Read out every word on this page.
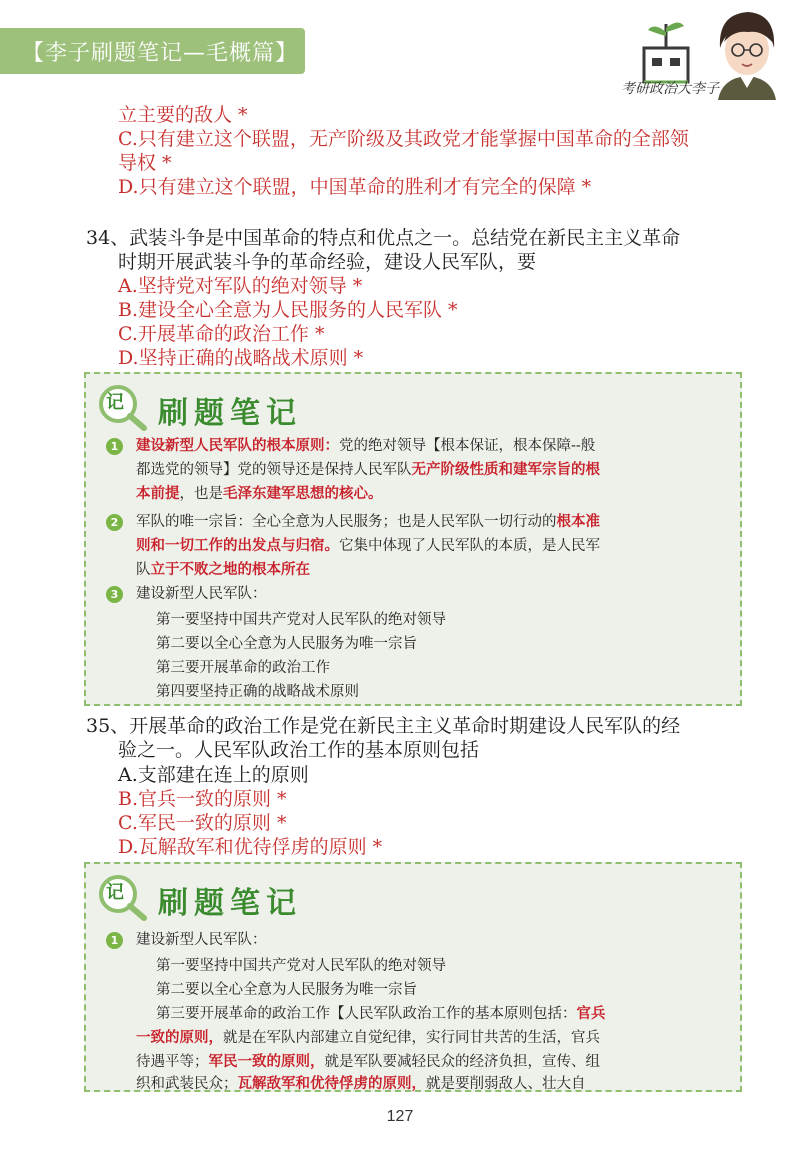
【李子刷题笔记—毛概篇】
考研政治大李子
立主要的敌人 *
C.只有建立这个联盟，无产阶级及其政党才能掌握中国革命的全部领
导权 *
D.只有建立这个联盟，中国革命的胜利才有完全的保障 *
34、武装斗争是中国革命的特点和优点之一。总结党在新民主主义革命
时期开展武装斗争的革命经验，建设人民军队，要
A.坚持党对军队的绝对领导 *
B.建设全心全意为人民服务的人民军队 *
C.开展革命的政治工作 *
D.坚持正确的战略战术原则 *
记 刷题笔记
1	建设新型人民军队的根本原则：党的绝对领导【根本保证，根本保障--般
都选党的领导】党的领导还是保持人民军队无产阶级性质和建军宗旨的根
本前提，也是毛泽东建军思想的核心。
2	军队的唯一宗旨：全心全意为人民服务；也是人民军队一切行动的根本准
则和一切工作的出发点与归宿。它集中体现了人民军队的本质，是人民军
队立于不败之地的根本所在
3	建设新型人民军队：
第一要坚持中国共产党对人民军队的绝对领导
第二要以全心全意为人民服务为唯一宗旨
第三要开展革命的政治工作
第四要坚持正确的战略战术原则
35、开展革命的政治工作是党在新民主主义革命时期建设人民军队的经
验之一。人民军队政治工作的基本原则包括
A.支部建在连上的原则
B.官兵一致的原则 *
C.军民一致的原则 *
D.瓦解敌军和优待俘虏的原则 *
记 刷题笔记
1	建设新型人民军队：
第一要坚持中国共产党对人民军队的绝对领导
第二要以全心全意为人民服务为唯一宗旨
第三要开展革命的政治工作【人民军队政治工作的基本原则包括：官兵
一致的原则，就是在军队内部建立自觉纪律，实行同甘共苦的生活，官兵
待遇平等；军民一致的原则，就是军队要减轻民众的经济负担，宣传、组
织和武装民众；瓦解敌军和优待俘虏的原则，就是要削弱敌人、壮大自
127
